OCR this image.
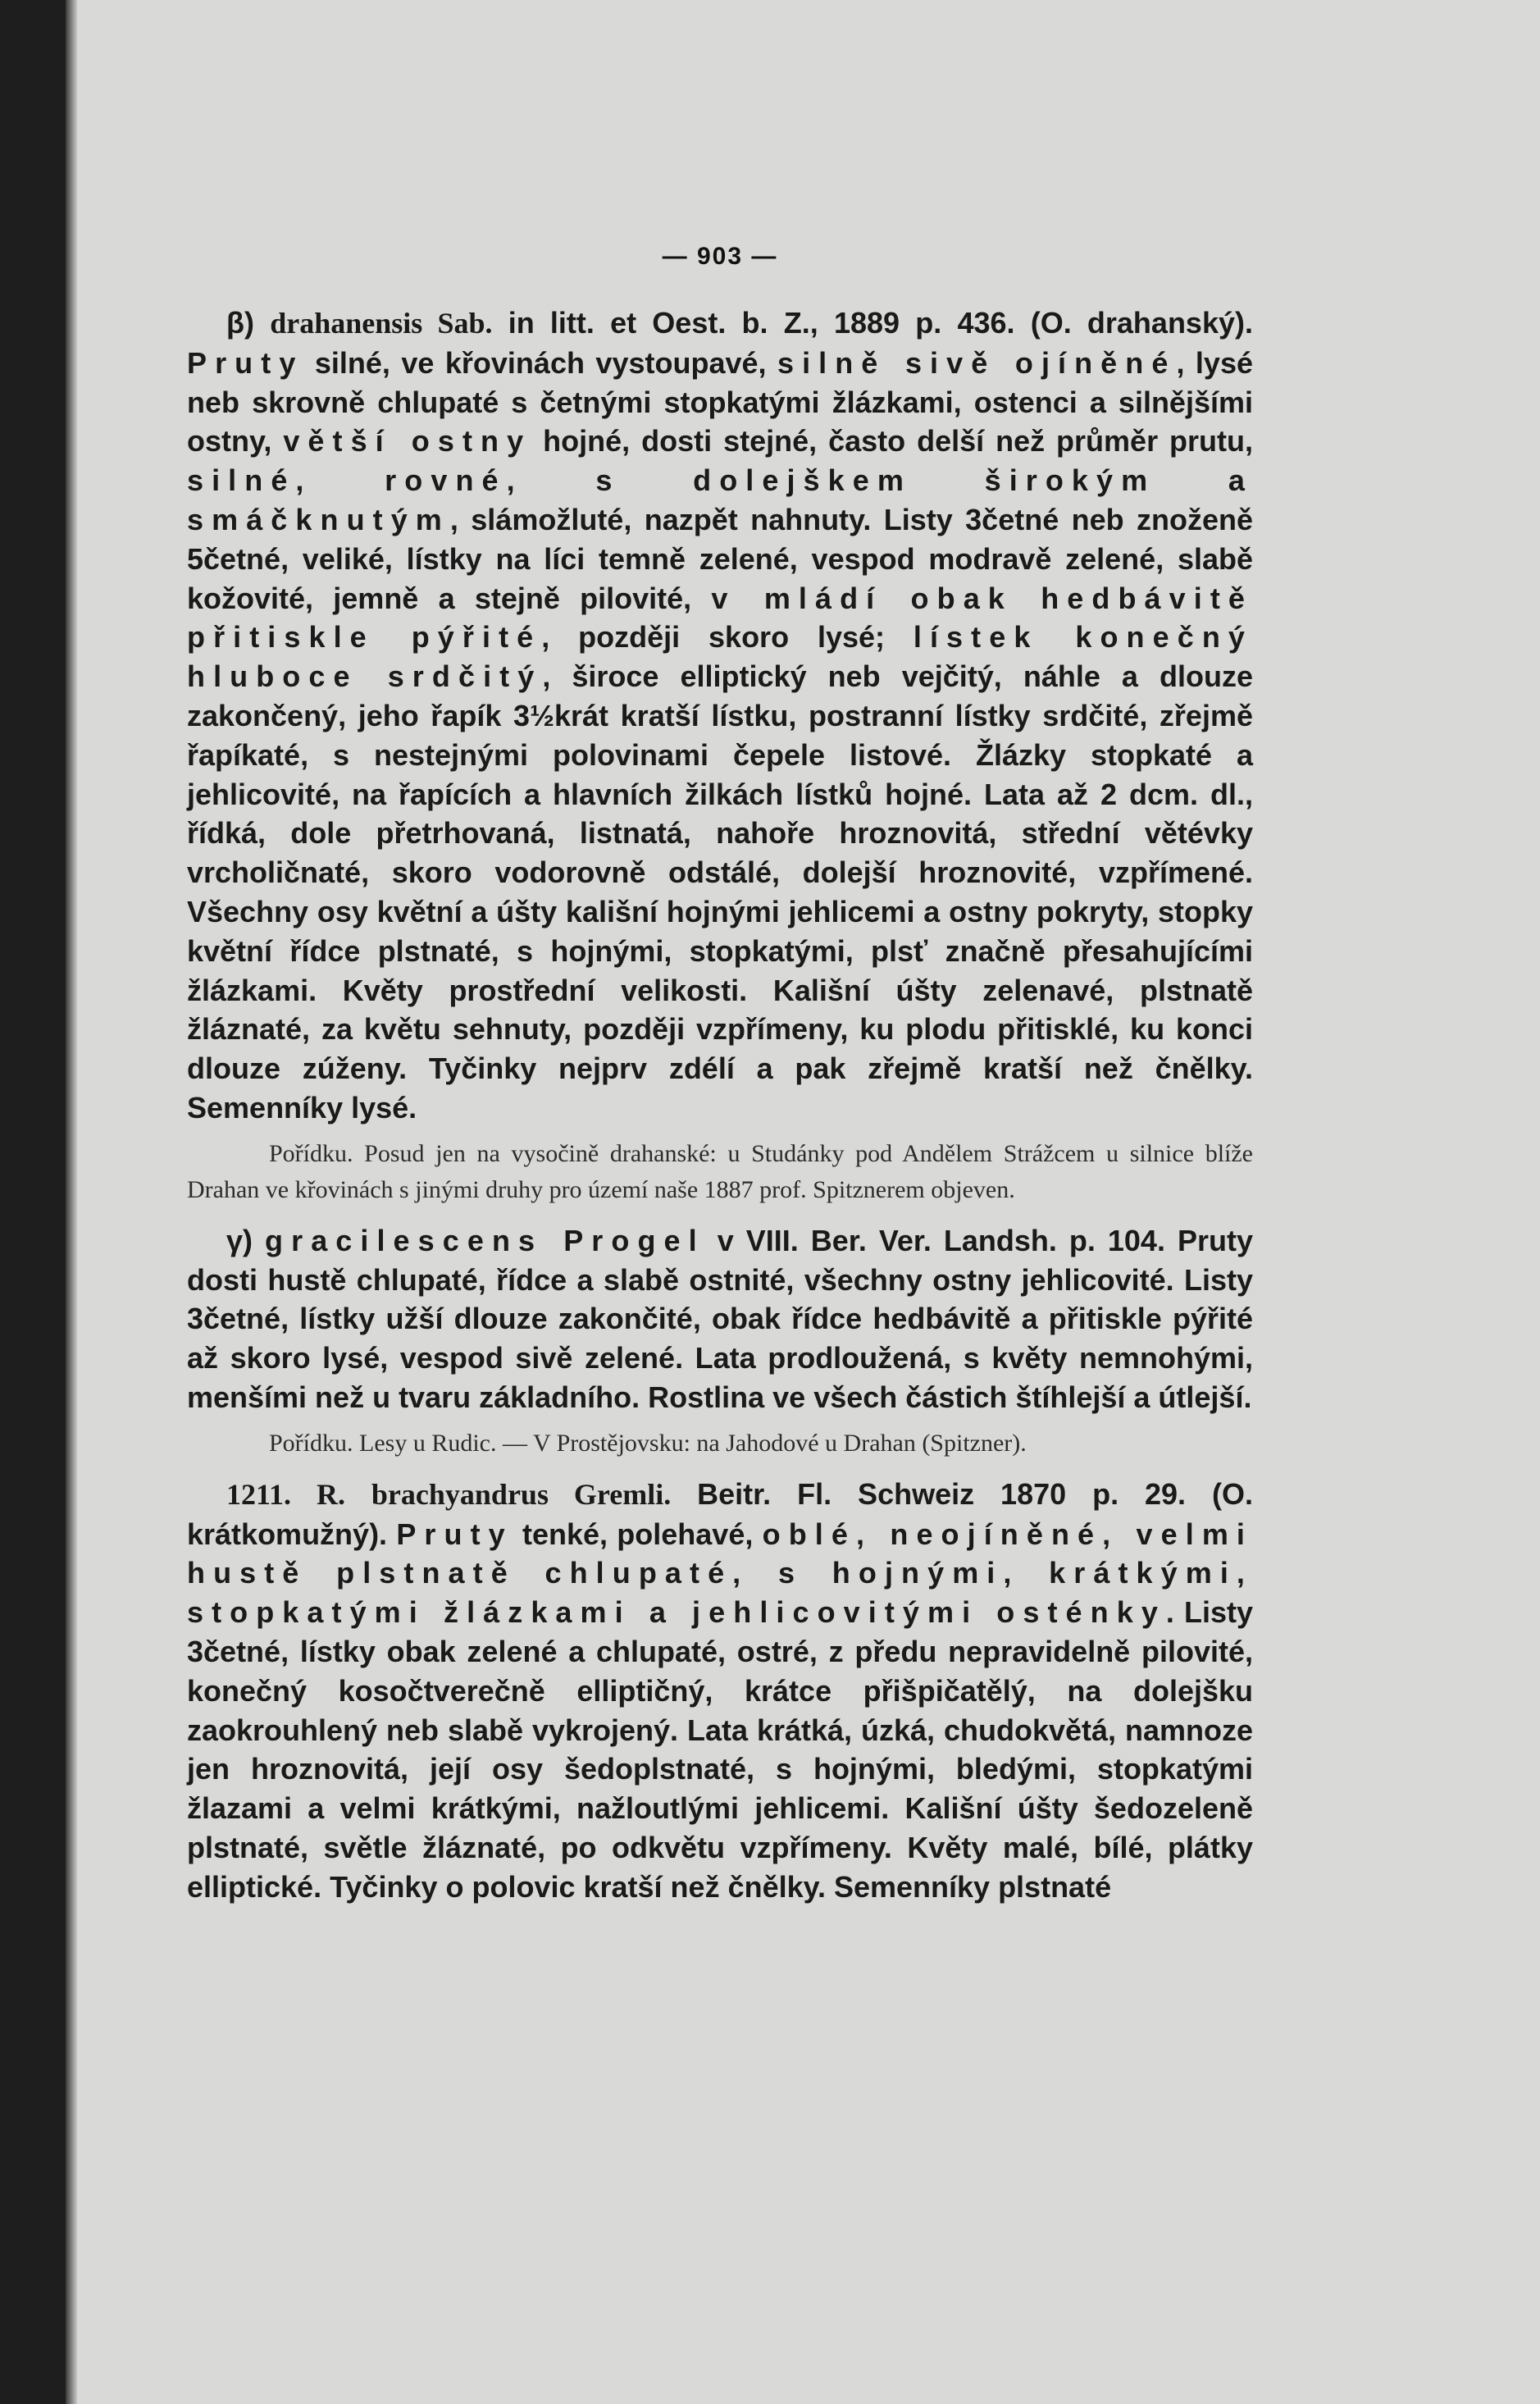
— 903 —

β) drahanensis Sab. in litt. et Oest. b. Z., 1889 p. 436. (O. drahanský). Pruty silné, ve křovinách vystoupavé, silně sivě ojíněné, lysé neb skrovně chlupaté s četnými stopkatými žlázkami, ostenci a silnějšími ostny, větší ostny hojné, dosti stejné, často delší než průměr prutu, silné, rovné, s dolejškem širokým a smáčknutým, slámožluté, nazpět nahnuty. Listy 3četné neb znoženě 5četné, veliké, lístky na líci temně zelené, vespod modravě zelené, slabě kožovité, jemně a stejně pilovité, v mládí obak hedbávitě přitiskle pýřité, později skoro lysé; lístek konečný hluboce srdčitý, široce elliptický neb vejčitý, náhle a dlouze zakončený, jeho řapík 3½krát kratší lístku, postranní lístky srdčité, zřejmě řapíkaté, s nestejnými polovinami čepele listové. Žlázky stopkaté a jehlicovité, na řapících a hlavních žilkách lístků hojné. Lata až 2 dcm. dl., řídká, dole přetrhovaná, listnatá, nahoře hroznovitá, střední větévky vrcholičnaté, skoro vodorovně odstálé, dolejší hroznovité, vzpřímené. Všechny osy květní a úšty kališní hojnými jehlicemi a ostny pokryty, stopky květní řídce plstnaté, s hojnými, stopkatými, plsť značně přesahujícími žlázkami. Květy prostřední velikosti. Kališní úšty zelenavé, plstnatě žláznaté, za květu sehnuty, později vzpřímeny, ku plodu přitisklé, ku konci dlouze zúženy. Tyčinky nejprv zdélí a pak zřejmě kratší než čnělky. Semenníky lysé.

Pořídku. Posud jen na vysočině drahanské: u Studánky pod Andělem Strážcem u silnice blíže Drahan ve křovinách s jinými druhy pro území naše 1887 prof. Spitznerem objeven.

γ) gracilescens Progel v VIII. Ber. Ver. Landsh. p. 104. Pruty dosti hustě chlupaté, řídce a slabě ostnité, všechny ostny jehlicovité. Listy 3četné, lístky užší dlouze zakončité, obak řídce hedbávitě a přitiskle pýřité až skoro lysé, vespod sivě zelené. Lata prodloužená, s květy nemnohými, menšími než u tvaru základního. Rostlina ve všech částich štíhlejší a útlejší.

Pořídku. Lesy u Rudic. — V Prostějovsku: na Jahodové u Drahan (Spitzner).

1211. R. brachyandrus Gremli. Beitr. Fl. Schweiz 1870 p. 29. (O. krátkomužný). Pruty tenké, polehavé, oblé, neojíněné, velmi hustě plstnatě chlupaté, s hojnými, krátkými, stopkatými žlázkami a jehlicovitými osténky. Listy 3četné, lístky obak zelené a chlupaté, ostré, z předu nepravidelně pilovité, konečný kosočtverečně elliptičný, krátce přišpičatělý, na dolejšku zaokrouhlený neb slabě vykrojený. Lata krátká, úzká, chudokvětá, namnoze jen hroznovitá, její osy šedoplstnaté, s hojnými, bledými, stopkatými žlazami a velmi krátkými, nažloutlými jehlicemi. Kališní úšty šedozeleně plstnaté, světle žláznaté, po odkvětu vzpřímeny. Květy malé, bílé, plátky elliptické. Tyčinky o polovic kratší než čnělky. Semenníky plstnaté
